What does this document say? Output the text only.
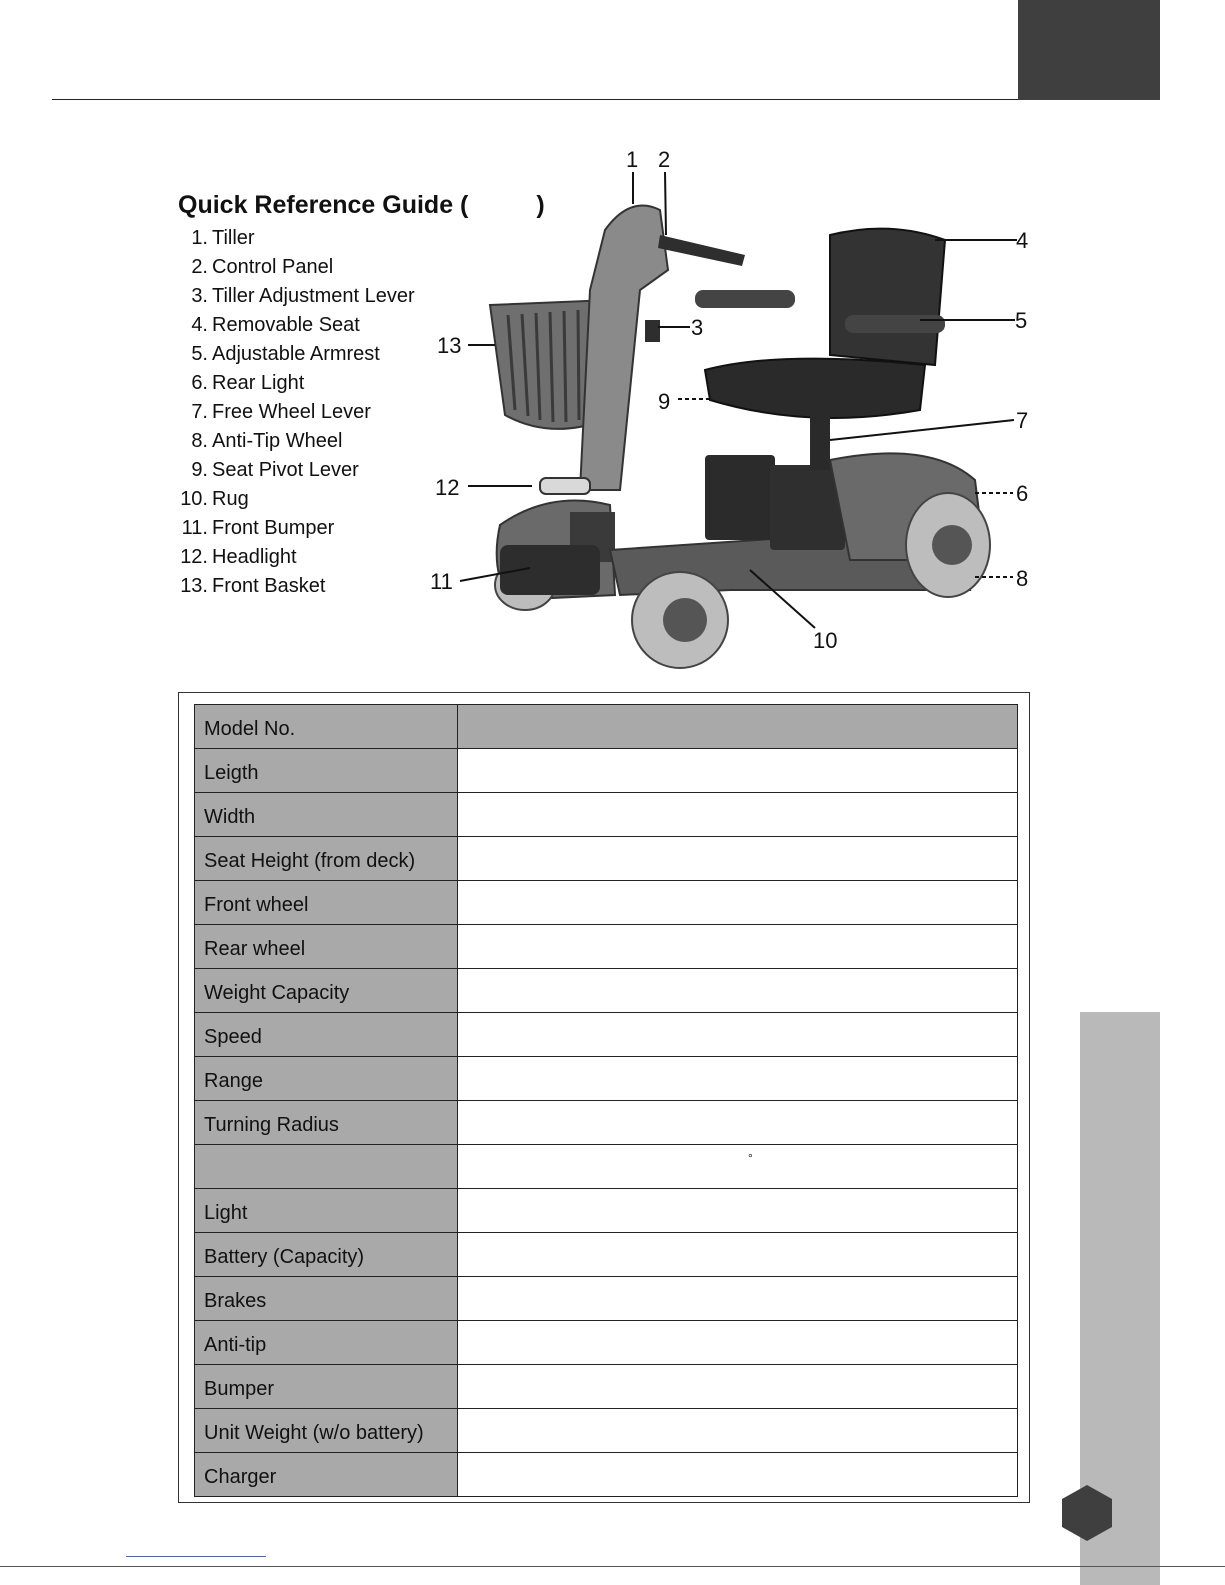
Quick Reference Guide (	)
1. Tiller
2. Control Panel
3. Tiller Adjustment Lever
4. Removable Seat
5. Adjustable Armrest
6. Rear Light
7. Free Wheel Lever
8. Anti-Tip Wheel
9. Seat Pivot Lever
10. Rug
11. Front Bumper
12. Headlight
13. Front Basket
1 2
3
4
5
6
7
8
9
10
11
12
13
Model No.	
Leigth	
Width	
Seat Height (from deck)	
Front wheel	
Rear wheel	
Weight Capacity	
Speed	
Range	
Turning Radius	

	°

Light	
Battery (Capacity)	
Brakes	
Anti-tip	
Bumper	
Unit Weight (w/o battery)	
Charger	
